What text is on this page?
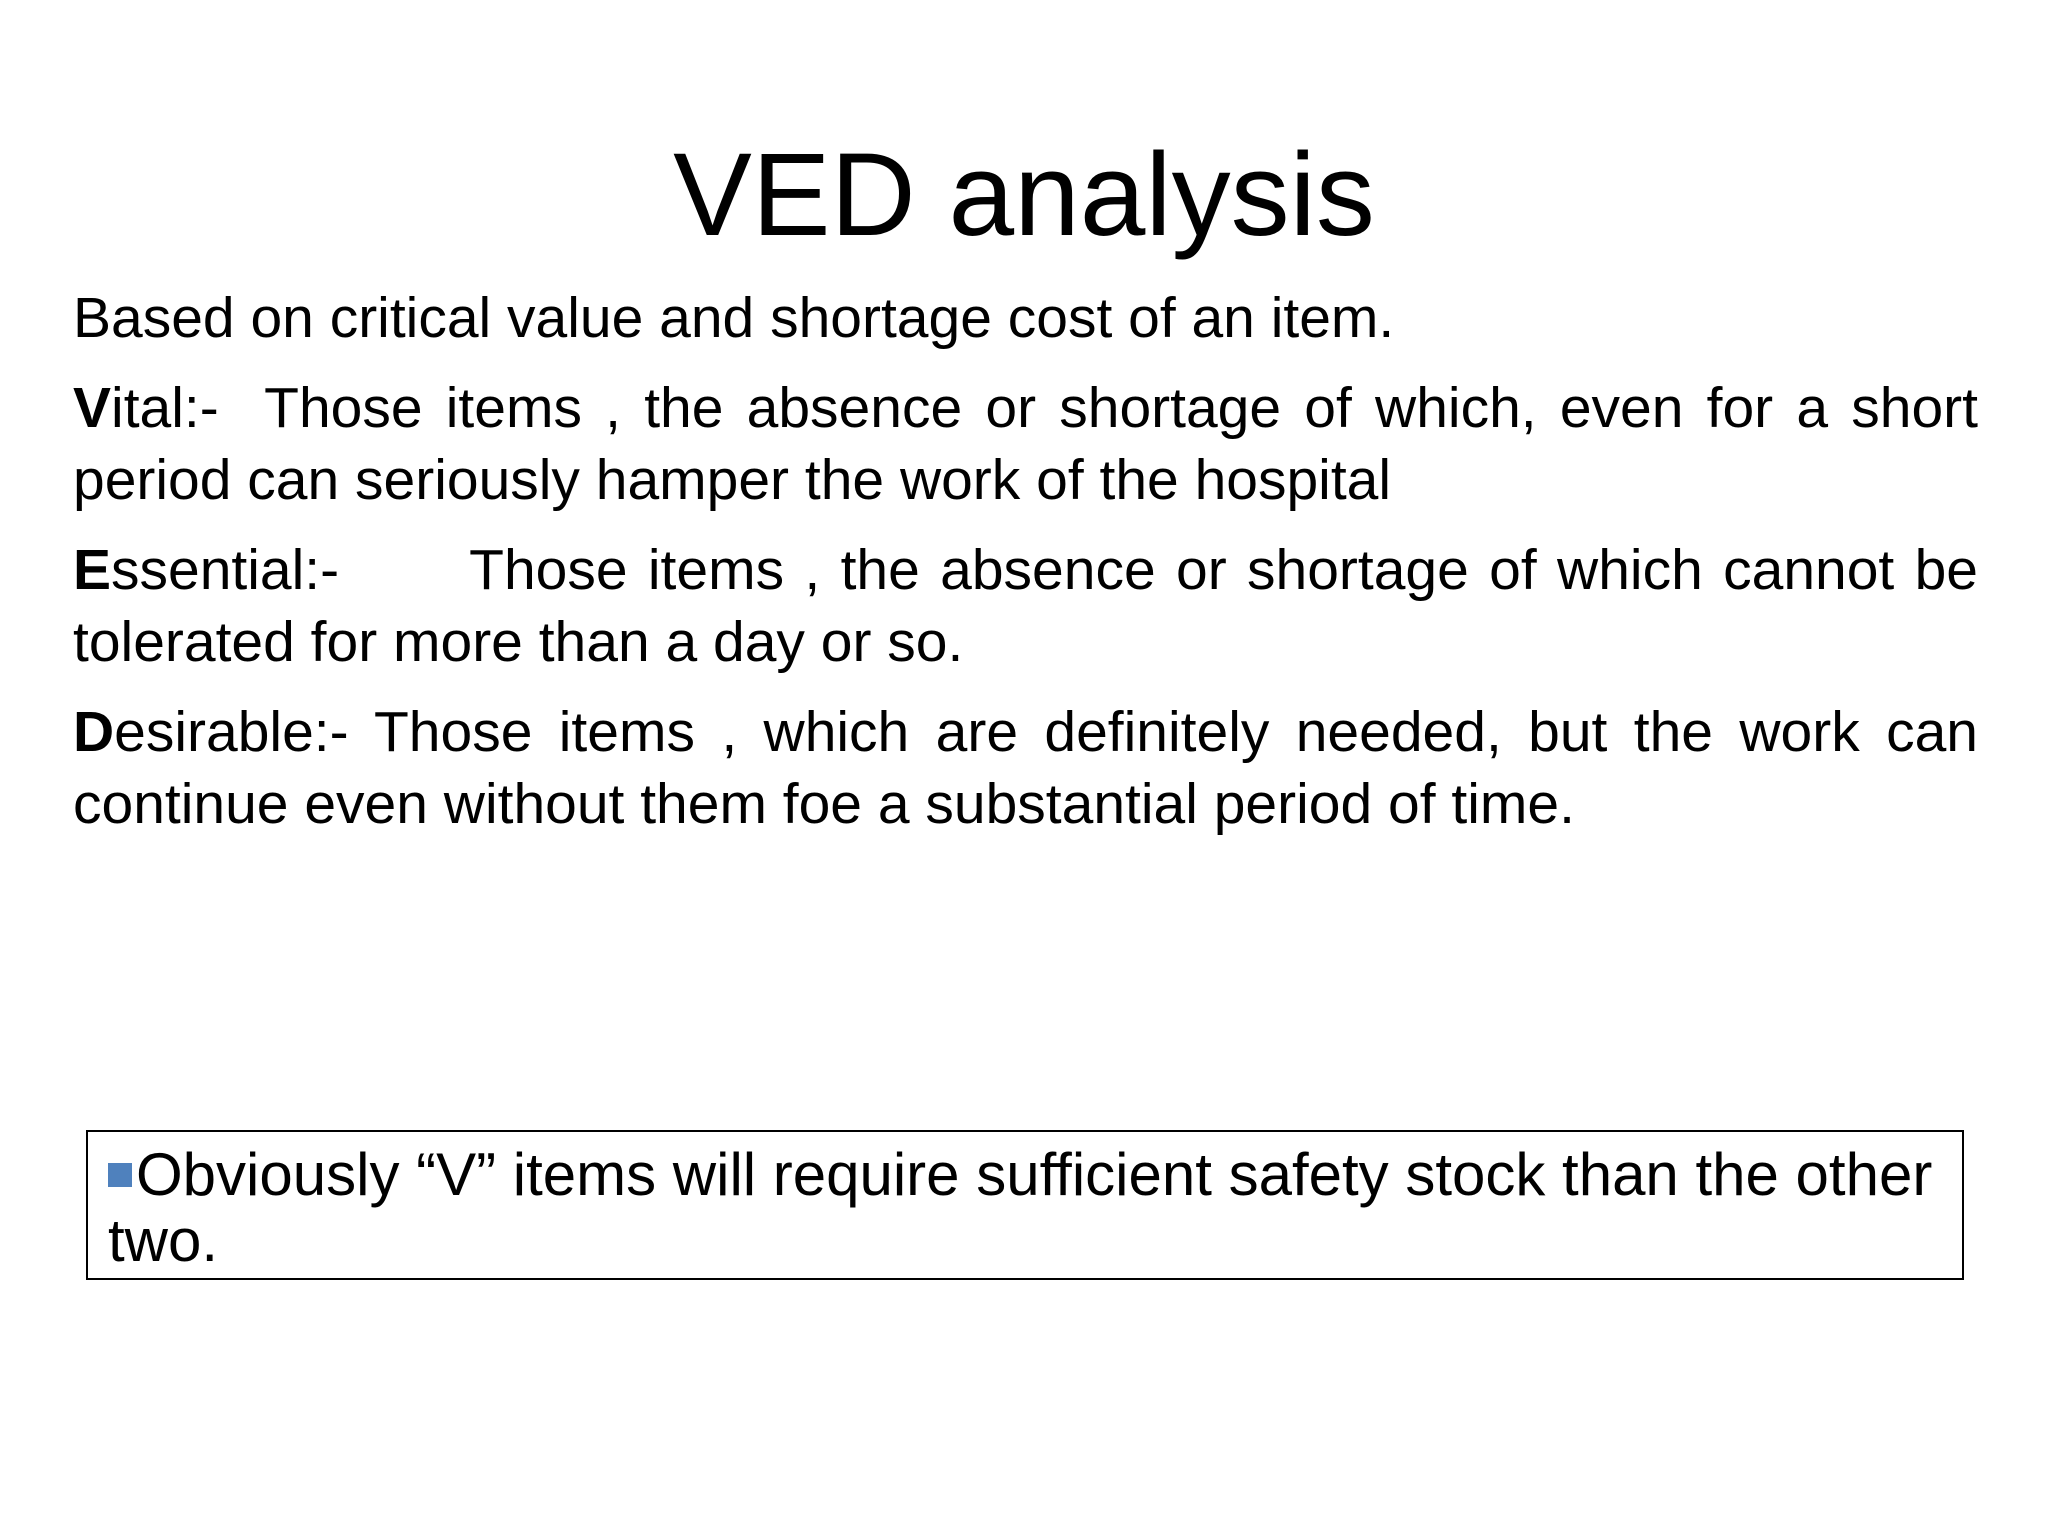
VED analysis

Based on critical value and shortage cost of an item.

Vital:- Those items , the absence or shortage of which, even for a short period can seriously hamper the work of the hospital

Essential:- Those items , the absence or shortage of which cannot be tolerated for more than a day or so.

Desirable:- Those items , which are definitely needed, but the work can continue even without them foe a substantial period of time.

Obviously “V” items will require sufficient safety stock than the other two.
